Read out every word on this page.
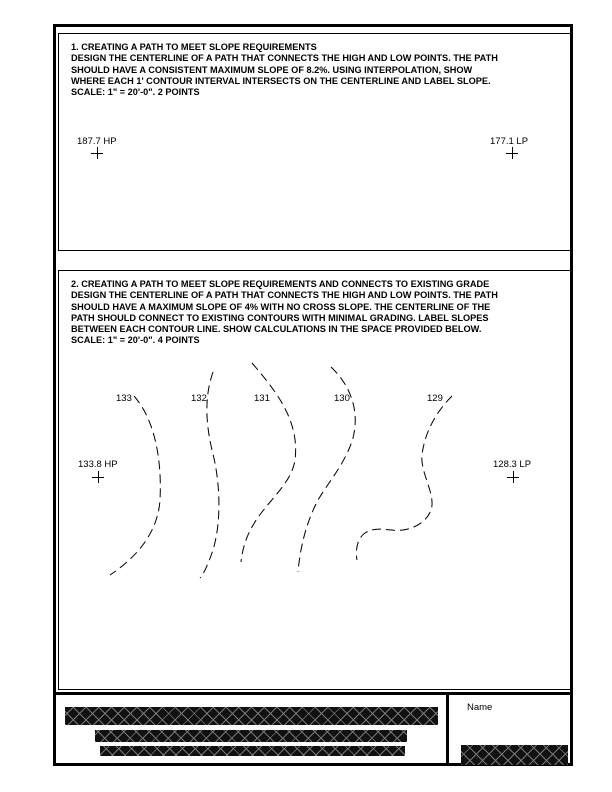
1. CREATING A PATH TO MEET SLOPE REQUIREMENTS
DESIGN THE CENTERLINE OF A PATH THAT CONNECTS THE HIGH AND LOW POINTS. THE PATH
SHOULD HAVE A CONSISTENT MAXIMUM SLOPE OF 8.2%. USING INTERPOLATION, SHOW
WHERE EACH 1' CONTOUR INTERVAL INTERSECTS ON THE CENTERLINE AND LABEL SLOPE.
SCALE: 1" = 20'-0". 2 POINTS
187.7 HP	177.1 LP
2. CREATING A PATH TO MEET SLOPE REQUIREMENTS AND CONNECTS TO EXISTING GRADE
DESIGN THE CENTERLINE OF A PATH THAT CONNECTS THE HIGH AND LOW POINTS. THE PATH
SHOULD HAVE A MAXIMUM SLOPE OF 4% WITH NO CROSS SLOPE. THE CENTERLINE OF THE
PATH SHOULD CONNECT TO EXISTING CONTOURS WITH MINIMAL GRADING. LABEL SLOPES
BETWEEN EACH CONTOUR LINE. SHOW CALCULATIONS IN THE SPACE PROVIDED BELOW.
SCALE: 1" = 20'-0". 4 POINTS
133	132	131	130	129
133.8 HP	128.3 LP
Name
